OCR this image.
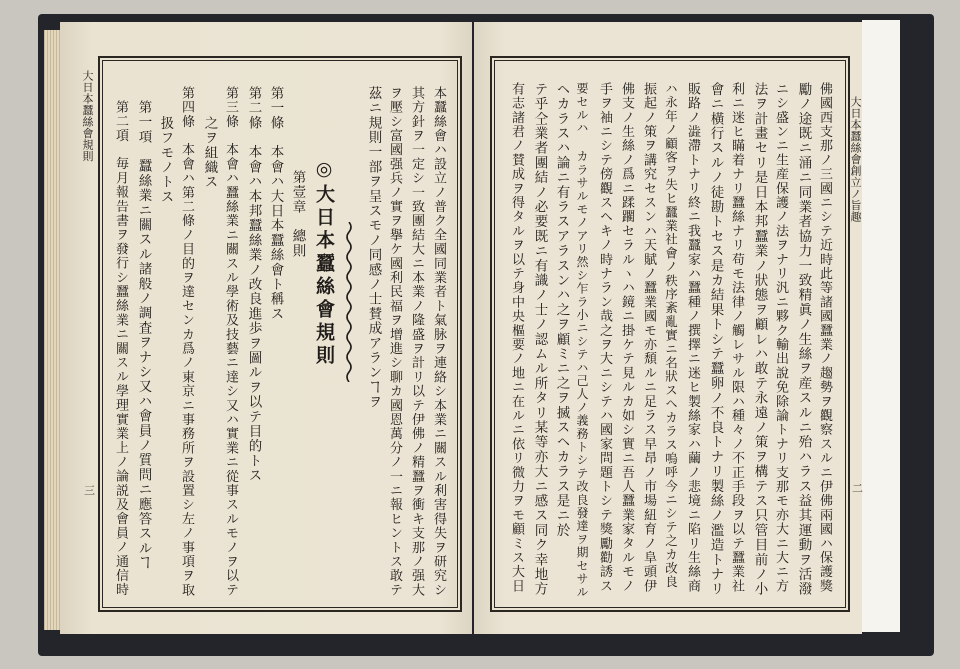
大日本蠶絲會規則
三
大日本蠶絲會創立ノ旨趣
二
本蠶絲會ハ設立ノ普ク全國同業者ト氣脉ヲ連絡シ本業ニ關スル利害得失ヲ研究シ
其方針ヲ一定シ一致團結大ニ本業ノ隆盛ヲ計リ以テ伊佛ノ精蠶ヲ衝キ支那ノ强大
ヲ壓シ富國强兵ノ實ヲ擧ケ國利民福ヲ增進シ聊カ國恩萬分ノ一ニ報ヒントス敢テ
茲ニ規則一部ヲ呈スモノ同感ノ士賛成アランヿヲ
◎大日本蠶絲會規則
第壹章　總則
第一條　本會ハ大日本蠶絲會ト稱ス
第二條　本會ハ本邦蠶絲業ノ改良進歩ヲ圖ルヲ以テ目的トス
第三條　本會ハ蠶絲業ニ關スル學術及技藝ニ達シ又ハ實業ニ從事スルモノヲ以テ
之ヲ組織ス
第四條　本會ハ第二條ノ目的ヲ達センカ爲ノ東京ニ事務所ヲ設置シ左ノ事項ヲ取
扱フモノトス
第一項　蠶絲業ニ關スル諸般ノ調査ヲナシ又ハ會員ノ質問ニ應答スルヿ
第二項　毎月報告書ヲ發行シ蠶絲業ニ關スル學理實業上ノ論説及會員ノ通信時	佛國西支那ノ三國ニシテ近時此等諸國蠶業ノ趨勢ヲ觀察スルニ伊佛兩國ハ保護獎
勵ノ途既ニ涌ニ同業者協力一致精眞ノ生絲ヲ産スルニ殆ハラス益其運動ヲ活潑
ニシ盛ンニ生産保護ノ法ヲナリ汎ニ夥ク輸出說免除論トナリ支那モ亦大ニ大ニ方
法ヲ計畫セリ是日本邦蠶業ノ狀態ヲ顧レハ敢テ永遠ノ策ヲ構テス只管目前ノ小
利ニ迷ヒ瞞着ナリ蠶絲ナリ苟モ法律ノ觸レサル限ハ種々ノ不正手段ヲ以テ蠶業社
會ニ橫行スルノ徒勘トセス是カ結果トシテ蠶卵ノ不良トナリ製絲ノ濫造トナリ
販路ノ澁滯トナリ終ニ我蠶家ハ蠶種ノ撰擇ニ迷ヒ製絲家ハ繭ノ悲境ニ陷リ生絲商
ハ永年ノ顧客ヲ失ヒ蠶業社會ノ秩序紊亂實ニ名狀スヘカラス嗚呼今ニシテ之カ改良
振起ノ策ヲ講究セスンハ天賦ノ蠶業國モ亦頹ルニ足ラス早昂ノ市場紐育ノ阜頭伊
佛支ノ生絲ノ爲ニ蹂躙セラルヽハ鏡ニ掛ケテ見ルカ如シ實ニ吾人蠶業家タルモノ
手ヲ袖ニシテ傍觀スヘキノ時ナラン哉之ヲ大ニシテハ國家問題トシテ獎勵勸誘ス
要セルハ カラサルモノアリ然シ乍ラ小ニシテハ己人ノ義務トシテ改良發達ヲ期セサル
ヘカラスハ論ニ有ラスアラスンハ之ヲ顧ミニ之ヲ搣スヘカラス是ニ於
テ乎仝業者團結ノ必要既ニ有識ノ士ノ認ムル所タリ某等亦大ニ感ス同ク幸地方
有志諸君ノ賛成ヲ得タルヲ以テ身中央樞要ノ地ニ在ルニ依リ微力ヲモ顧ミス大日
